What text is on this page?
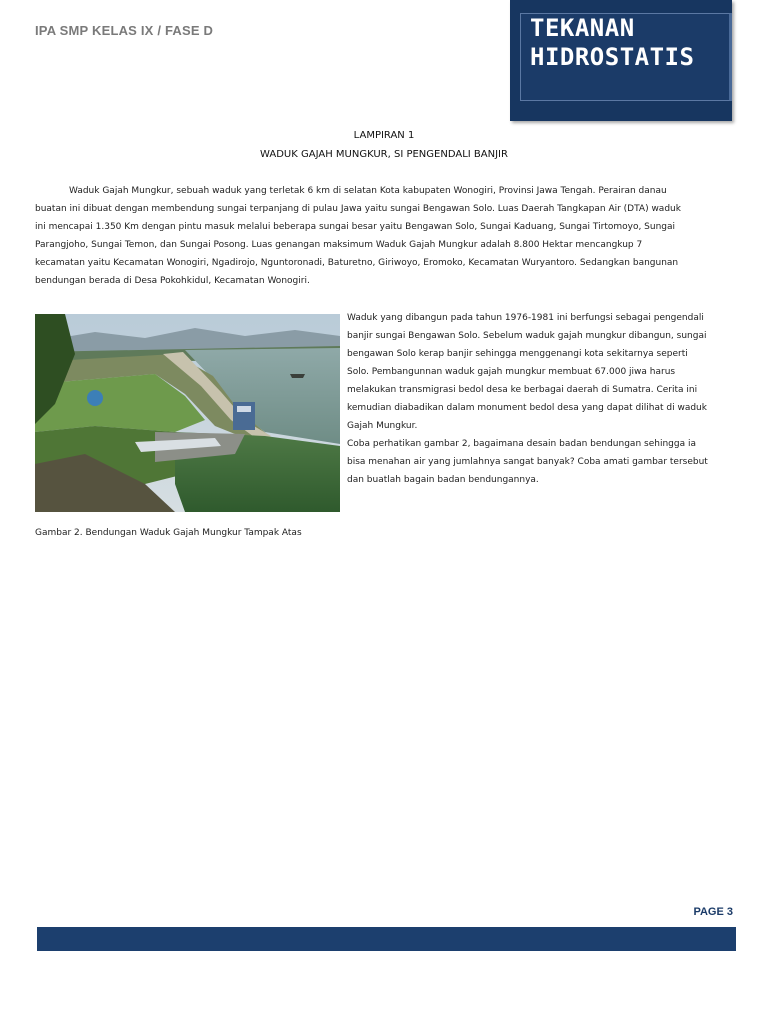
IPA SMP KELAS IX / FASE D	TEKANAN
HIDROSTATIS
LAMPIRAN 1
WADUK GAJAH MUNGKUR, SI PENGENDALI BANJIR
Waduk Gajah Mungkur, sebuah waduk yang terletak 6 km di selatan Kota kabupaten Wonogiri, Provinsi Jawa Tengah. Perairan danau
buatan ini dibuat dengan membendung sungai terpanjang di pulau Jawa yaitu sungai Bengawan Solo. Luas Daerah Tangkapan Air (DTA) waduk
ini mencapai 1.350 Km dengan pintu masuk melalui beberapa sungai besar yaitu Bengawan Solo, Sungai Kaduang, Sungai Tirtomoyo, Sungai
Parangjoho, Sungai Temon, dan Sungai Posong. Luas genangan maksimum Waduk Gajah Mungkur adalah 8.800 Hektar mencangkup 7
kecamatan yaitu Kecamatan Wonogiri, Ngadirojo, Nguntoronadi, Baturetno, Giriwoyo, Eromoko, Kecamatan Wuryantoro. Sedangkan bangunan
bendungan berada di Desa Pokohkidul, Kecamatan Wonogiri.
Waduk yang dibangun pada tahun 1976-1981 ini berfungsi sebagai pengendali
banjir sungai Bengawan Solo. Sebelum waduk gajah mungkur dibangun, sungai
bengawan Solo kerap banjir sehingga menggenangi kota sekitarnya seperti
Solo. Pembangunnan waduk gajah mungkur membuat 67.000 jiwa harus
melakukan transmigrasi bedol desa ke berbagai daerah di Sumatra. Cerita ini
kemudian diabadikan dalam monument bedol desa yang dapat dilihat di waduk
Gajah Mungkur.
Coba perhatikan gambar 2, bagaimana desain badan bendungan sehingga ia
bisa menahan air yang jumlahnya sangat banyak? Coba amati gambar tersebut
dan buatlah bagain badan bendungannya.
Gambar 2. Bendungan Waduk Gajah Mungkur Tampak Atas
PAGE 3
